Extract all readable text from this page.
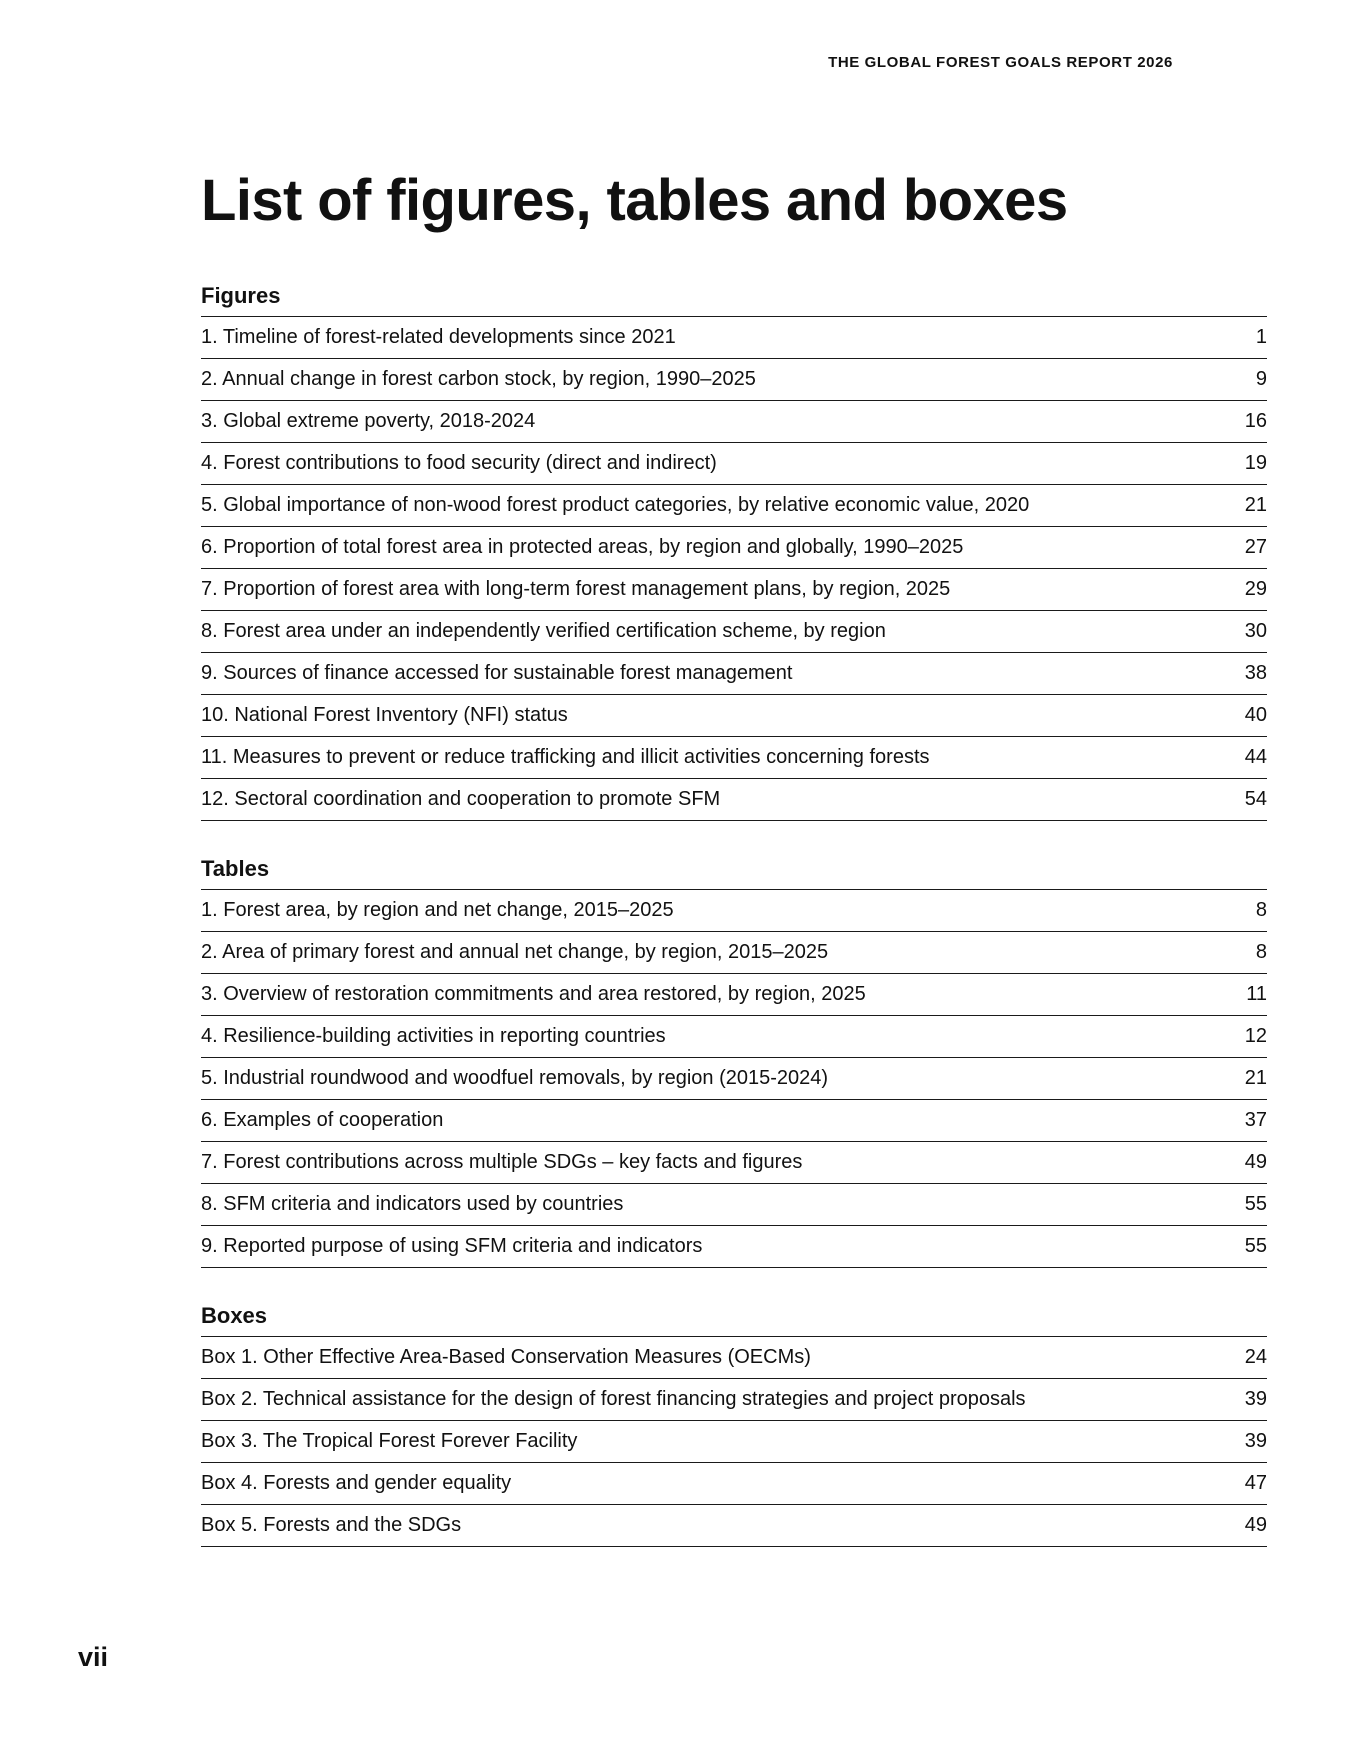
THE GLOBAL FOREST GOALS REPORT 2026
List of figures, tables and boxes
Figures
1. Timeline of forest-related developments since 2021	1
2. Annual change in forest carbon stock, by region, 1990–2025	9
3. Global extreme poverty, 2018-2024	16
4. Forest contributions to food security (direct and indirect)	19
5. Global importance of non-wood forest product categories, by relative economic value, 2020	21
6. Proportion of total forest area in protected areas, by region and globally, 1990–2025	27
7. Proportion of forest area with long-term forest management plans, by region, 2025	29
8. Forest area under an independently verified certification scheme, by region	30
9. Sources of finance accessed for sustainable forest management	38
10. National Forest Inventory (NFI) status	40
11. Measures to prevent or reduce trafficking and illicit activities concerning forests	44
12. Sectoral coordination and cooperation to promote SFM	54
Tables
1. Forest area, by region and net change, 2015–2025	8
2. Area of primary forest and annual net change, by region, 2015–2025	8
3. Overview of restoration commitments and area restored, by region, 2025	11
4. Resilience-building activities in reporting countries	12
5. Industrial roundwood and woodfuel removals, by region (2015-2024)	21
6. Examples of cooperation	37
7. Forest contributions across multiple SDGs – key facts and figures	49
8. SFM criteria and indicators used by countries	55
9. Reported purpose of using SFM criteria and indicators	55
Boxes
Box 1. Other Effective Area-Based Conservation Measures (OECMs)	24
Box 2. Technical assistance for the design of forest financing strategies and project proposals	39
Box 3. The Tropical Forest Forever Facility	39
Box 4. Forests and gender equality	47
Box 5. Forests and the SDGs	49
vii
